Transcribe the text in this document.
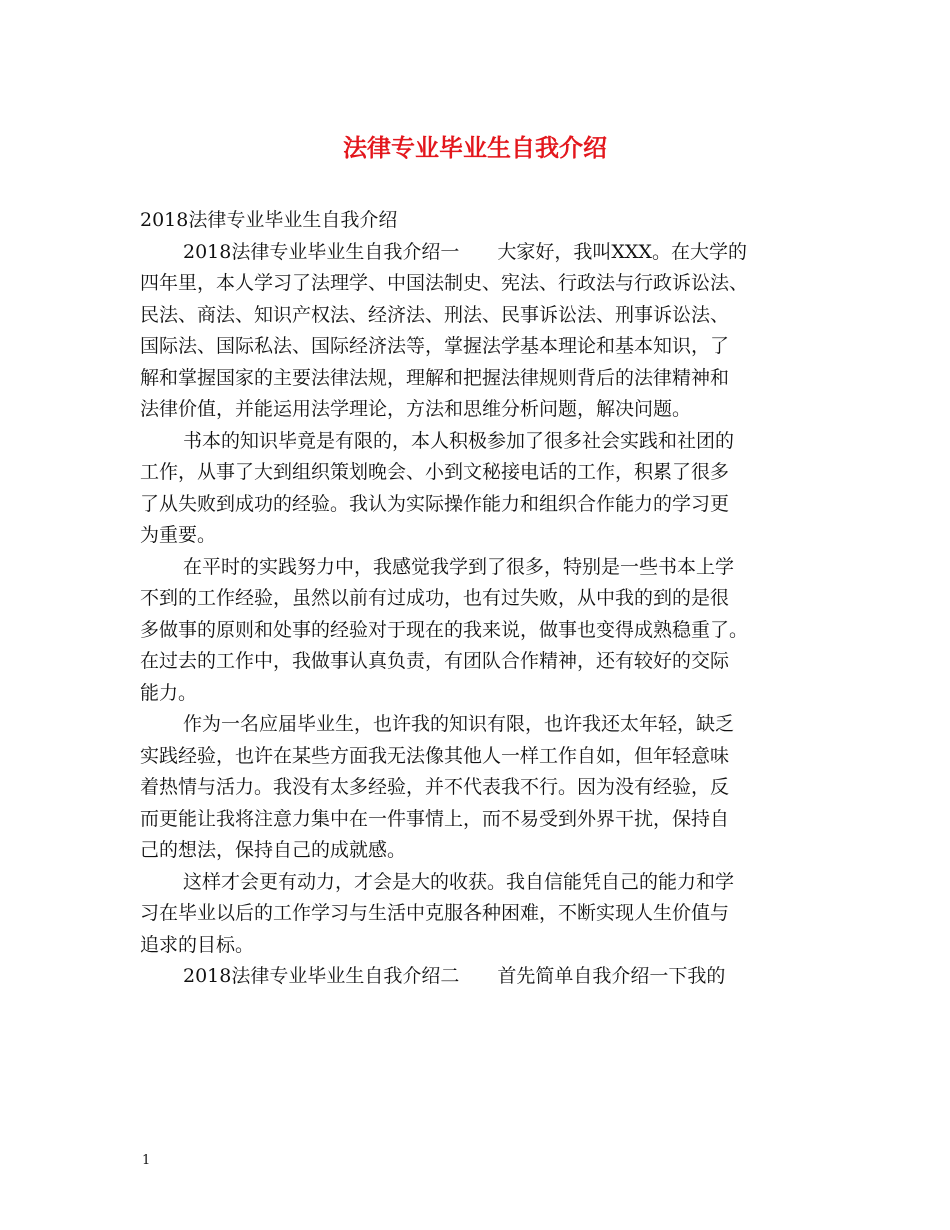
法律专业毕业生自我介绍
2018法律专业毕业生自我介绍
2018法律专业毕业生自我介绍一 大家好，我叫XXX。在大学的
四年里，本人学习了法理学、中国法制史、宪法、行政法与行政诉讼法、
民法、商法、知识产权法、经济法、刑法、民事诉讼法、刑事诉讼法、
国际法、国际私法、国际经济法等，掌握法学基本理论和基本知识，了
解和掌握国家的主要法律法规，理解和把握法律规则背后的法律精神和
法律价值，并能运用法学理论，方法和思维分析问题，解决问题。
书本的知识毕竟是有限的，本人积极参加了很多社会实践和社团的
工作，从事了大到组织策划晚会、小到文秘接电话的工作，积累了很多
了从失败到成功的经验。我认为实际操作能力和组织合作能力的学习更
为重要。
在平时的实践努力中，我感觉我学到了很多，特别是一些书本上学
不到的工作经验，虽然以前有过成功，也有过失败，从中我的到的是很
多做事的原则和处事的经验对于现在的我来说，做事也变得成熟稳重了。
在过去的工作中，我做事认真负责，有团队合作精神，还有较好的交际
能力。
作为一名应届毕业生，也许我的知识有限，也许我还太年轻，缺乏
实践经验，也许在某些方面我无法像其他人一样工作自如，但年轻意味
着热情与活力。我没有太多经验，并不代表我不行。因为没有经验，反
而更能让我将注意力集中在一件事情上，而不易受到外界干扰，保持自
己的想法，保持自己的成就感。
这样才会更有动力，才会是大的收获。我自信能凭自己的能力和学
习在毕业以后的工作学习与生活中克服各种困难，不断实现人生价值与
追求的目标。
2018法律专业毕业生自我介绍二 首先简单自我介绍一下我的
1
